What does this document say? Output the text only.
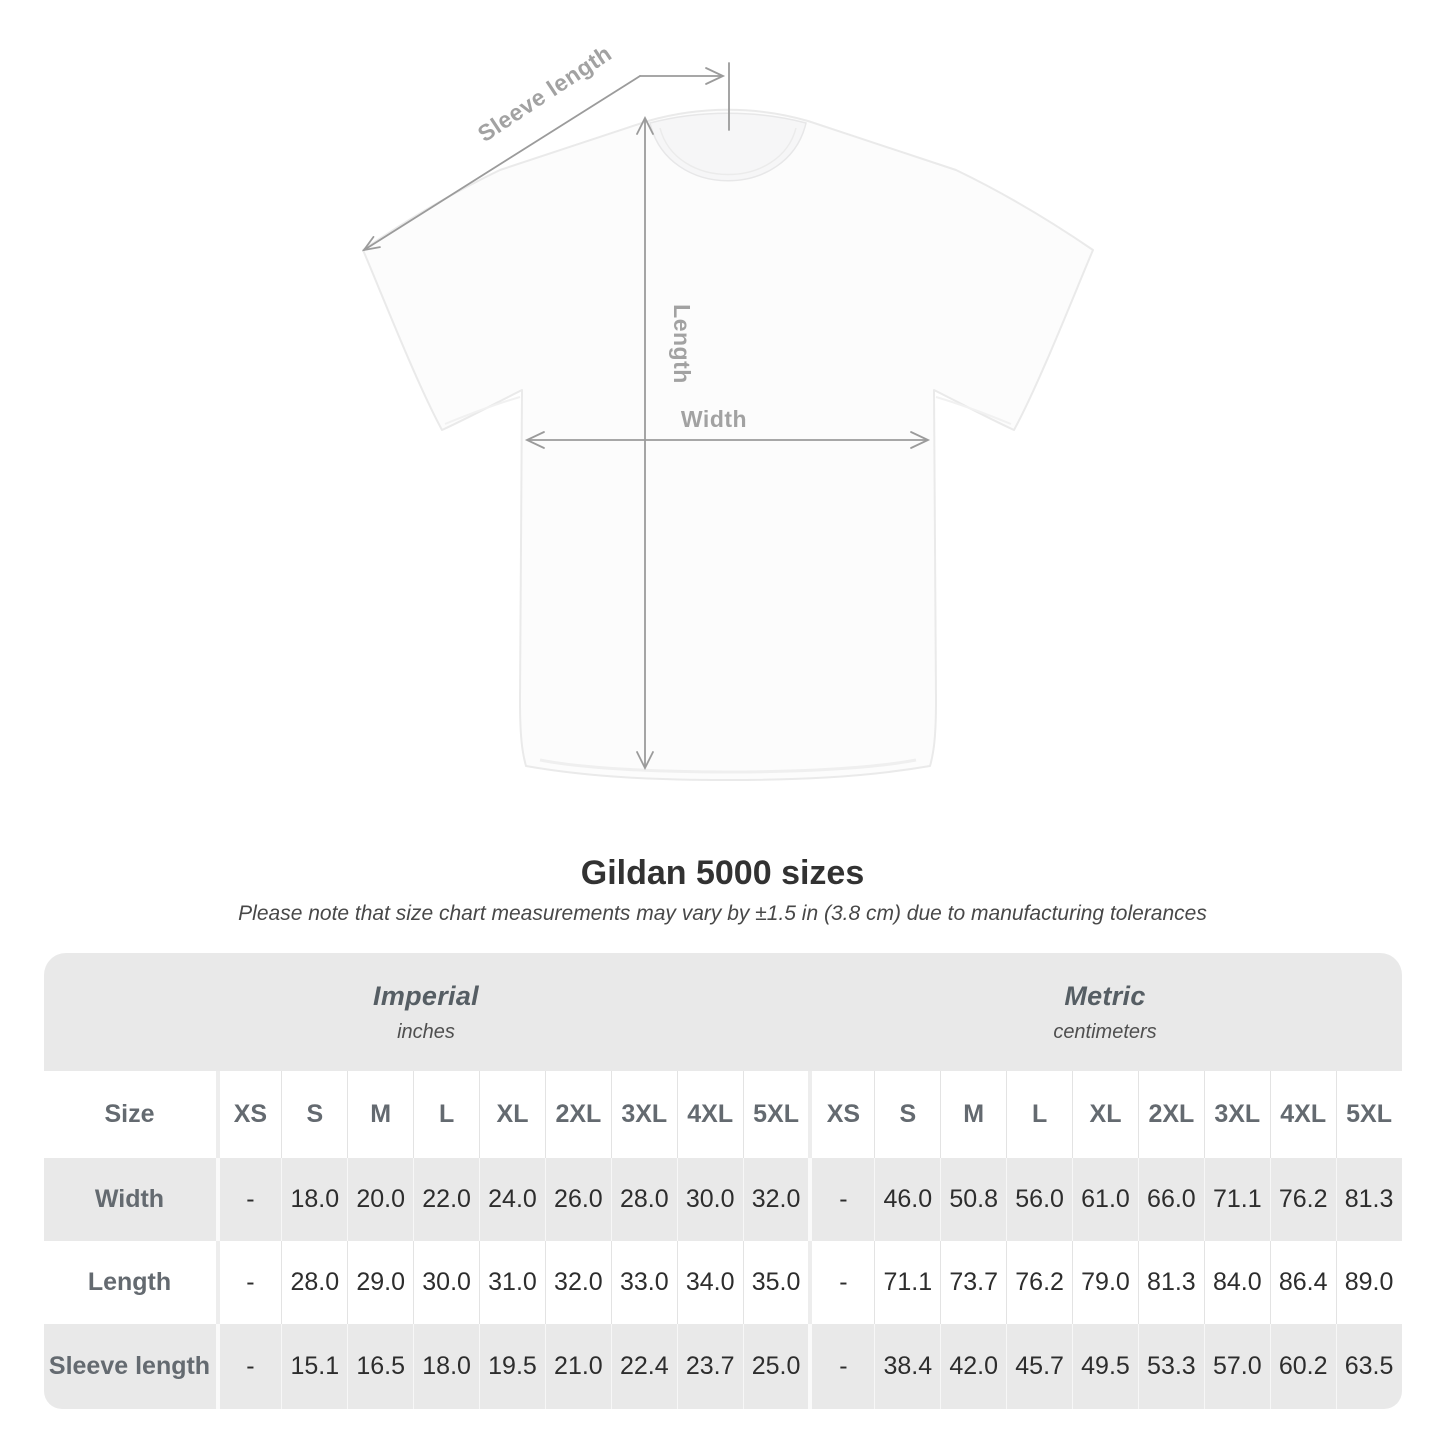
Sleeve length
Length
Width
Gildan 5000 sizes
Please note that size chart measurements may vary by ±1.5 in (3.8 cm) due to manufacturing tolerances
Imperial
inches
Metric
centimeters
Size	XS	S	M	L	XL	2XL 3XL 4XL 5XL	XS	S	M	L	XL	2XL 3XL 4XL 5XL
Width	-	18.0 20.0 22.0 24.0 26.0 28.0 30.0 32.0	-	46.0 50.8 56.0 61.0 66.0 71.1 76.2 81.3
Length	-	28.0 29.0 30.0 31.0 32.0 33.0 34.0 35.0	-	71.1 73.7 76.2 79.0 81.3 84.0 86.4 89.0
Sleeve length	-	15.1 16.5 18.0 19.5 21.0 22.4 23.7 25.0	-	38.4 42.0 45.7 49.5 53.3 57.0 60.2 63.5
